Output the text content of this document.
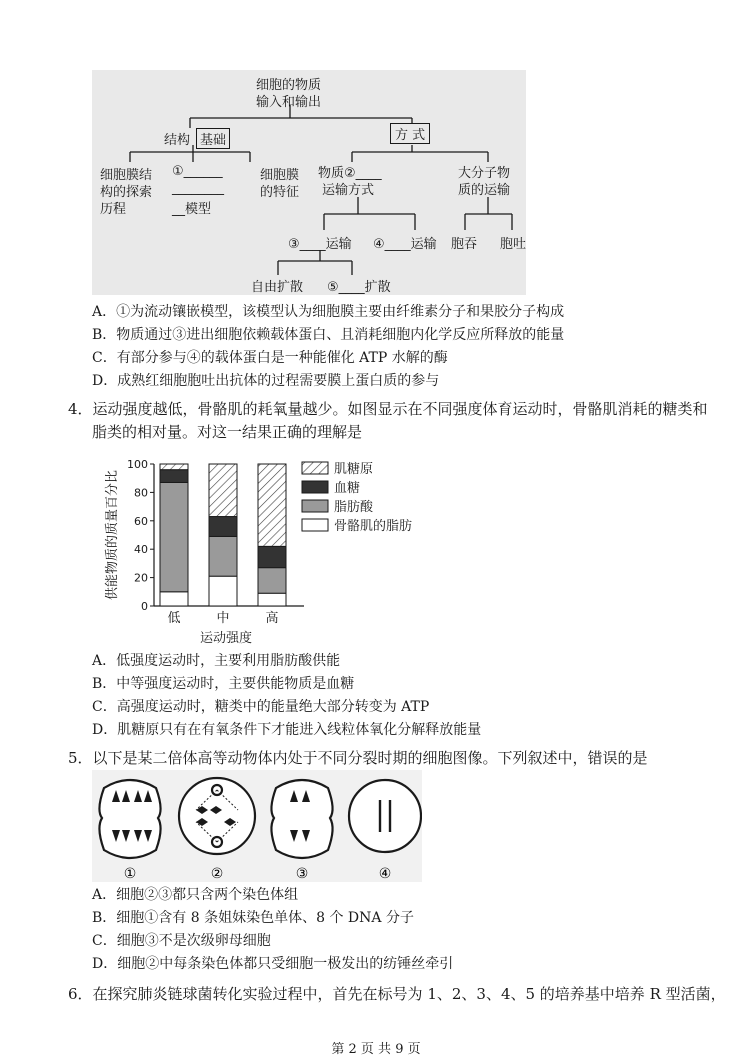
细胞的物质
输入和输出
结构 基础	方 式
细胞膜结
构的探索
历程
①______
________
__模型
细胞膜
的特征
物质②____
运输方式
大分子物
质的运输
③____运输 ④____运输 胞吞 胞吐
自由扩散 ⑤____扩散
A．①为流动镶嵌模型，该模型认为细胞膜主要由纤维素分子和果胶分子构成
B．物质通过③进出细胞依赖载体蛋白、且消耗细胞内化学反应所释放的能量
C．有部分参与④的载体蛋白是一种能催化 ATP 水解的酶
D．成熟红细胞胞吐出抗体的过程需要膜上蛋白质的参与
4．运动强度越低，骨骼肌的耗氧量越少。如图显示在不同强度体育运动时，骨骼肌消耗的糖类和
脂类的相对量。对这一结果正确的理解是
0
20
40
60
80
100
供能物质的质量百分比
低	中	高
运动强度
肌糖原
血糖
脂肪酸
骨骼肌的脂肪
A．低强度运动时，主要利用脂肪酸供能
B．中等强度运动时，主要供能物质是血糖
C．高强度运动时，糖类中的能量绝大部分转变为 ATP
D．肌糖原只有在有氧条件下才能进入线粒体氧化分解释放能量
5．以下是某二倍体高等动物体内处于不同分裂时期的细胞图像。下列叙述中，错误的是
①	②	③	④
A．细胞②③都只含两个染色体组
B．细胞①含有 8 条姐妹染色单体、8 个 DNA 分子
C．细胞③不是次级卵母细胞
D．细胞②中每条染色体都只受细胞一极发出的纺锤丝牵引
6．在探究肺炎链球菌转化实验过程中，首先在标号为 1、2、3、4、5 的培养基中培养 R 型活菌，
第 2 页 共 9 页
